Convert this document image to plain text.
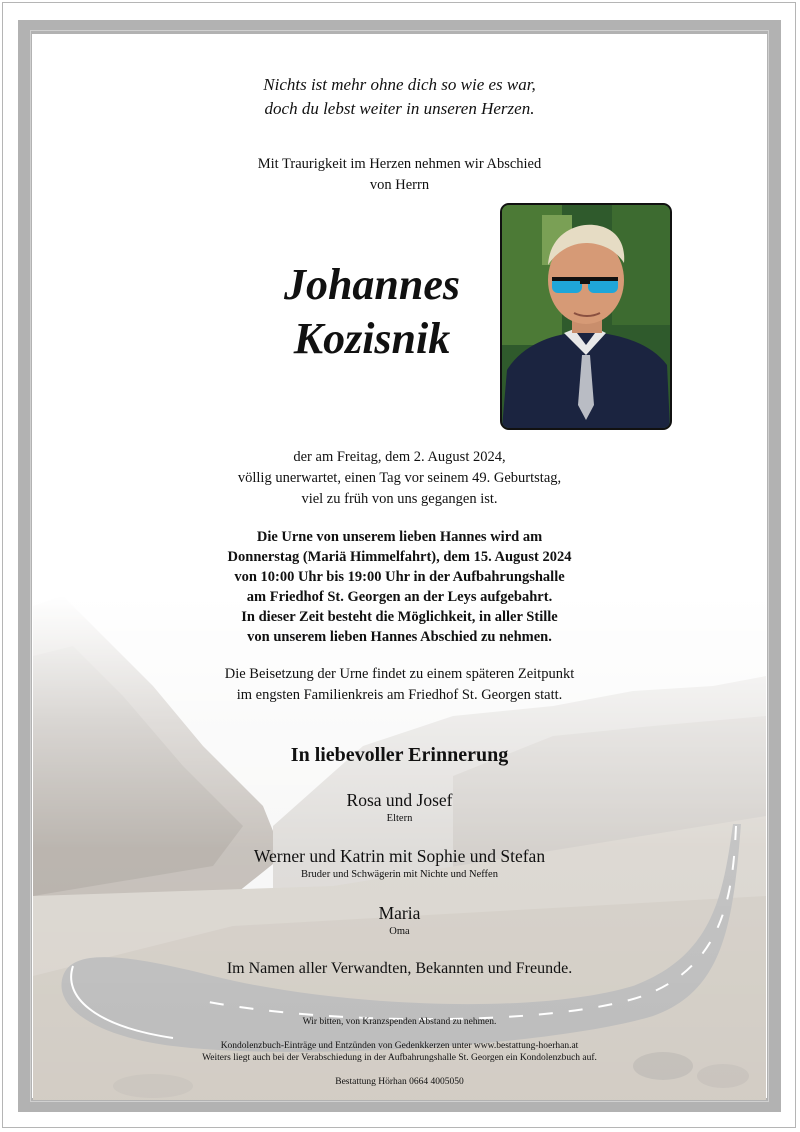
Nichts ist mehr ohne dich so wie es war,
doch du lebst weiter in unseren Herzen.
Mit Traurigkeit im Herzen nehmen wir Abschied
von Herrn
Johannes
Kozisnik
der am Freitag, dem 2. August 2024,
völlig unerwartet, einen Tag vor seinem 49. Geburtstag,
viel zu früh von uns gegangen ist.
Die Urne von unserem lieben Hannes wird am
Donnerstag (Mariä Himmelfahrt), dem 15. August 2024
von 10:00 Uhr bis 19:00 Uhr in der Aufbahrungshalle
am Friedhof St. Georgen an der Leys aufgebahrt.
In dieser Zeit besteht die Möglichkeit, in aller Stille
von unserem lieben Hannes Abschied zu nehmen.
Die Beisetzung der Urne findet zu einem späteren Zeitpunkt
im engsten Familienkreis am Friedhof St. Georgen statt.
In liebevoller Erinnerung
Rosa und Josef
Eltern
Werner und Katrin mit Sophie und Stefan
Bruder und Schwägerin mit Nichte und Neffen
Maria
Oma
Im Namen aller Verwandten, Bekannten und Freunde.
Wir bitten, von Kranzspenden Abstand zu nehmen.
Kondolenzbuch-Einträge und Entzünden von Gedenkkerzen unter www.bestattung-hoerhan.at
Weiters liegt auch bei der Verabschiedung in der Aufbahrungshalle St. Georgen ein Kondolenzbuch auf.
Bestattung Hörhan 0664 4005050
